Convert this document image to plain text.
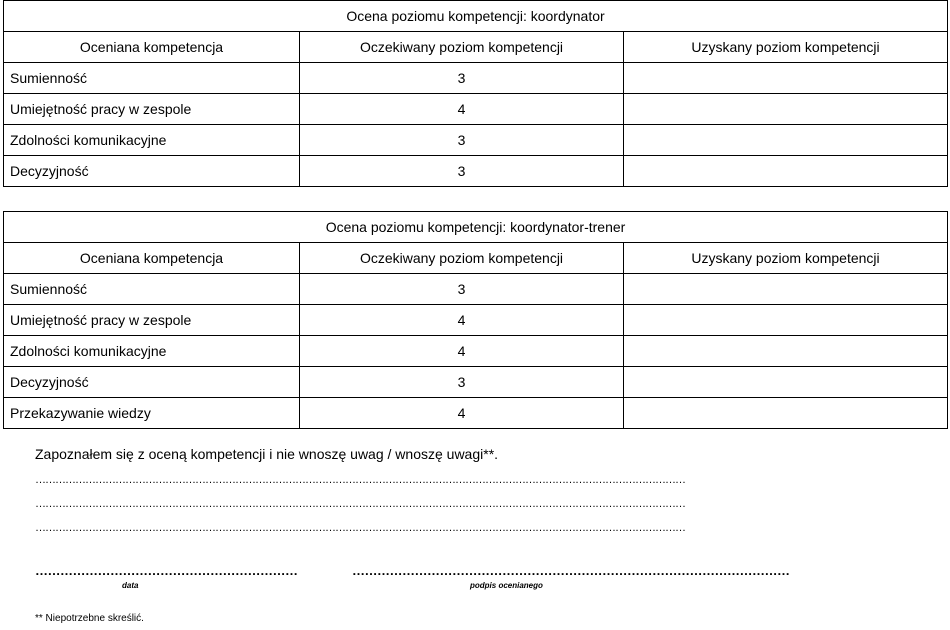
Ocena poziomu kompetencji: koordynator		
Oceniana kompetencja	Oczekiwany poziom kompetencji	Uzyskany poziom kompetencji
Sumienność	3	
Umiejętność pracy w zespole	4	
Zdolności komunikacyjne	3	
Decyzyjność	3	
Ocena poziomu kompetencji: koordynator-trener		
Oceniana kompetencja	Oczekiwany poziom kompetencji	Uzyskany poziom kompetencji
Sumienność	3	
Umiejętność pracy w zespole	4	
Zdolności komunikacyjne	4	
Decyzyjność	3	
Przekazywanie wiedzy	4	
Zapoznałem się z oceną kompetencji i nie wnoszę uwag / wnoszę uwagi**.
……………………………………………………………………………………………………………………………………………………………………………
……………………………………………………………………………………………………………………………………………………………………………
……………………………………………………………………………………………………………………………………………………………………………
………………………………………………………
data
……………………………………………………………………………………………
podpis ocenianego
** Niepotrzebne skreślić.
